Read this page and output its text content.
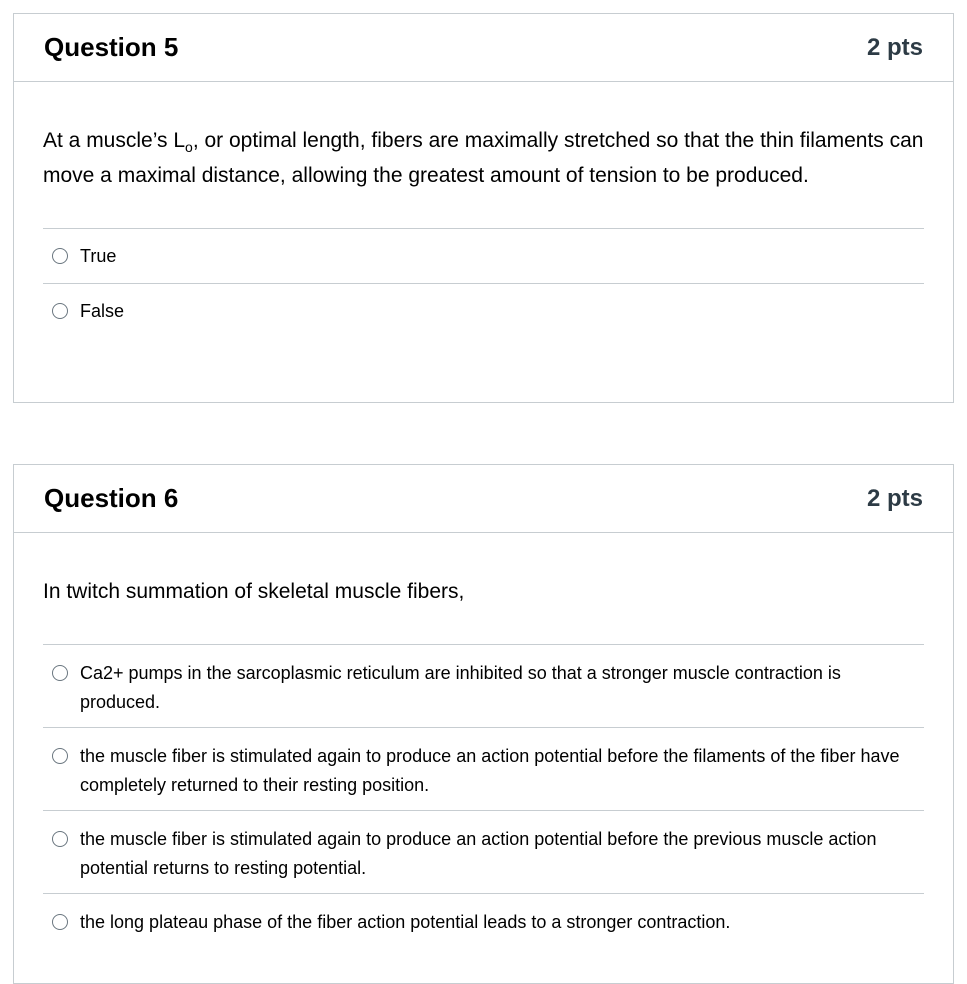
Question 5	2 pts

At a muscle’s $L_o$, or optimal length, fibers are maximally stretched so that the thin filaments can move a maximal distance, allowing the greatest amount of tension to be produced.

True
False
Question 6	2 pts

In twitch summation of skeletal muscle fibers,

Ca2+ pumps in the sarcoplasmic reticulum are inhibited so that a stronger muscle contraction is produced.
the muscle fiber is stimulated again to produce an action potential before the filaments of the fiber have completely returned to their resting position.
the muscle fiber is stimulated again to produce an action potential before the previous muscle action potential returns to resting potential.
the long plateau phase of the fiber action potential leads to a stronger contraction.
